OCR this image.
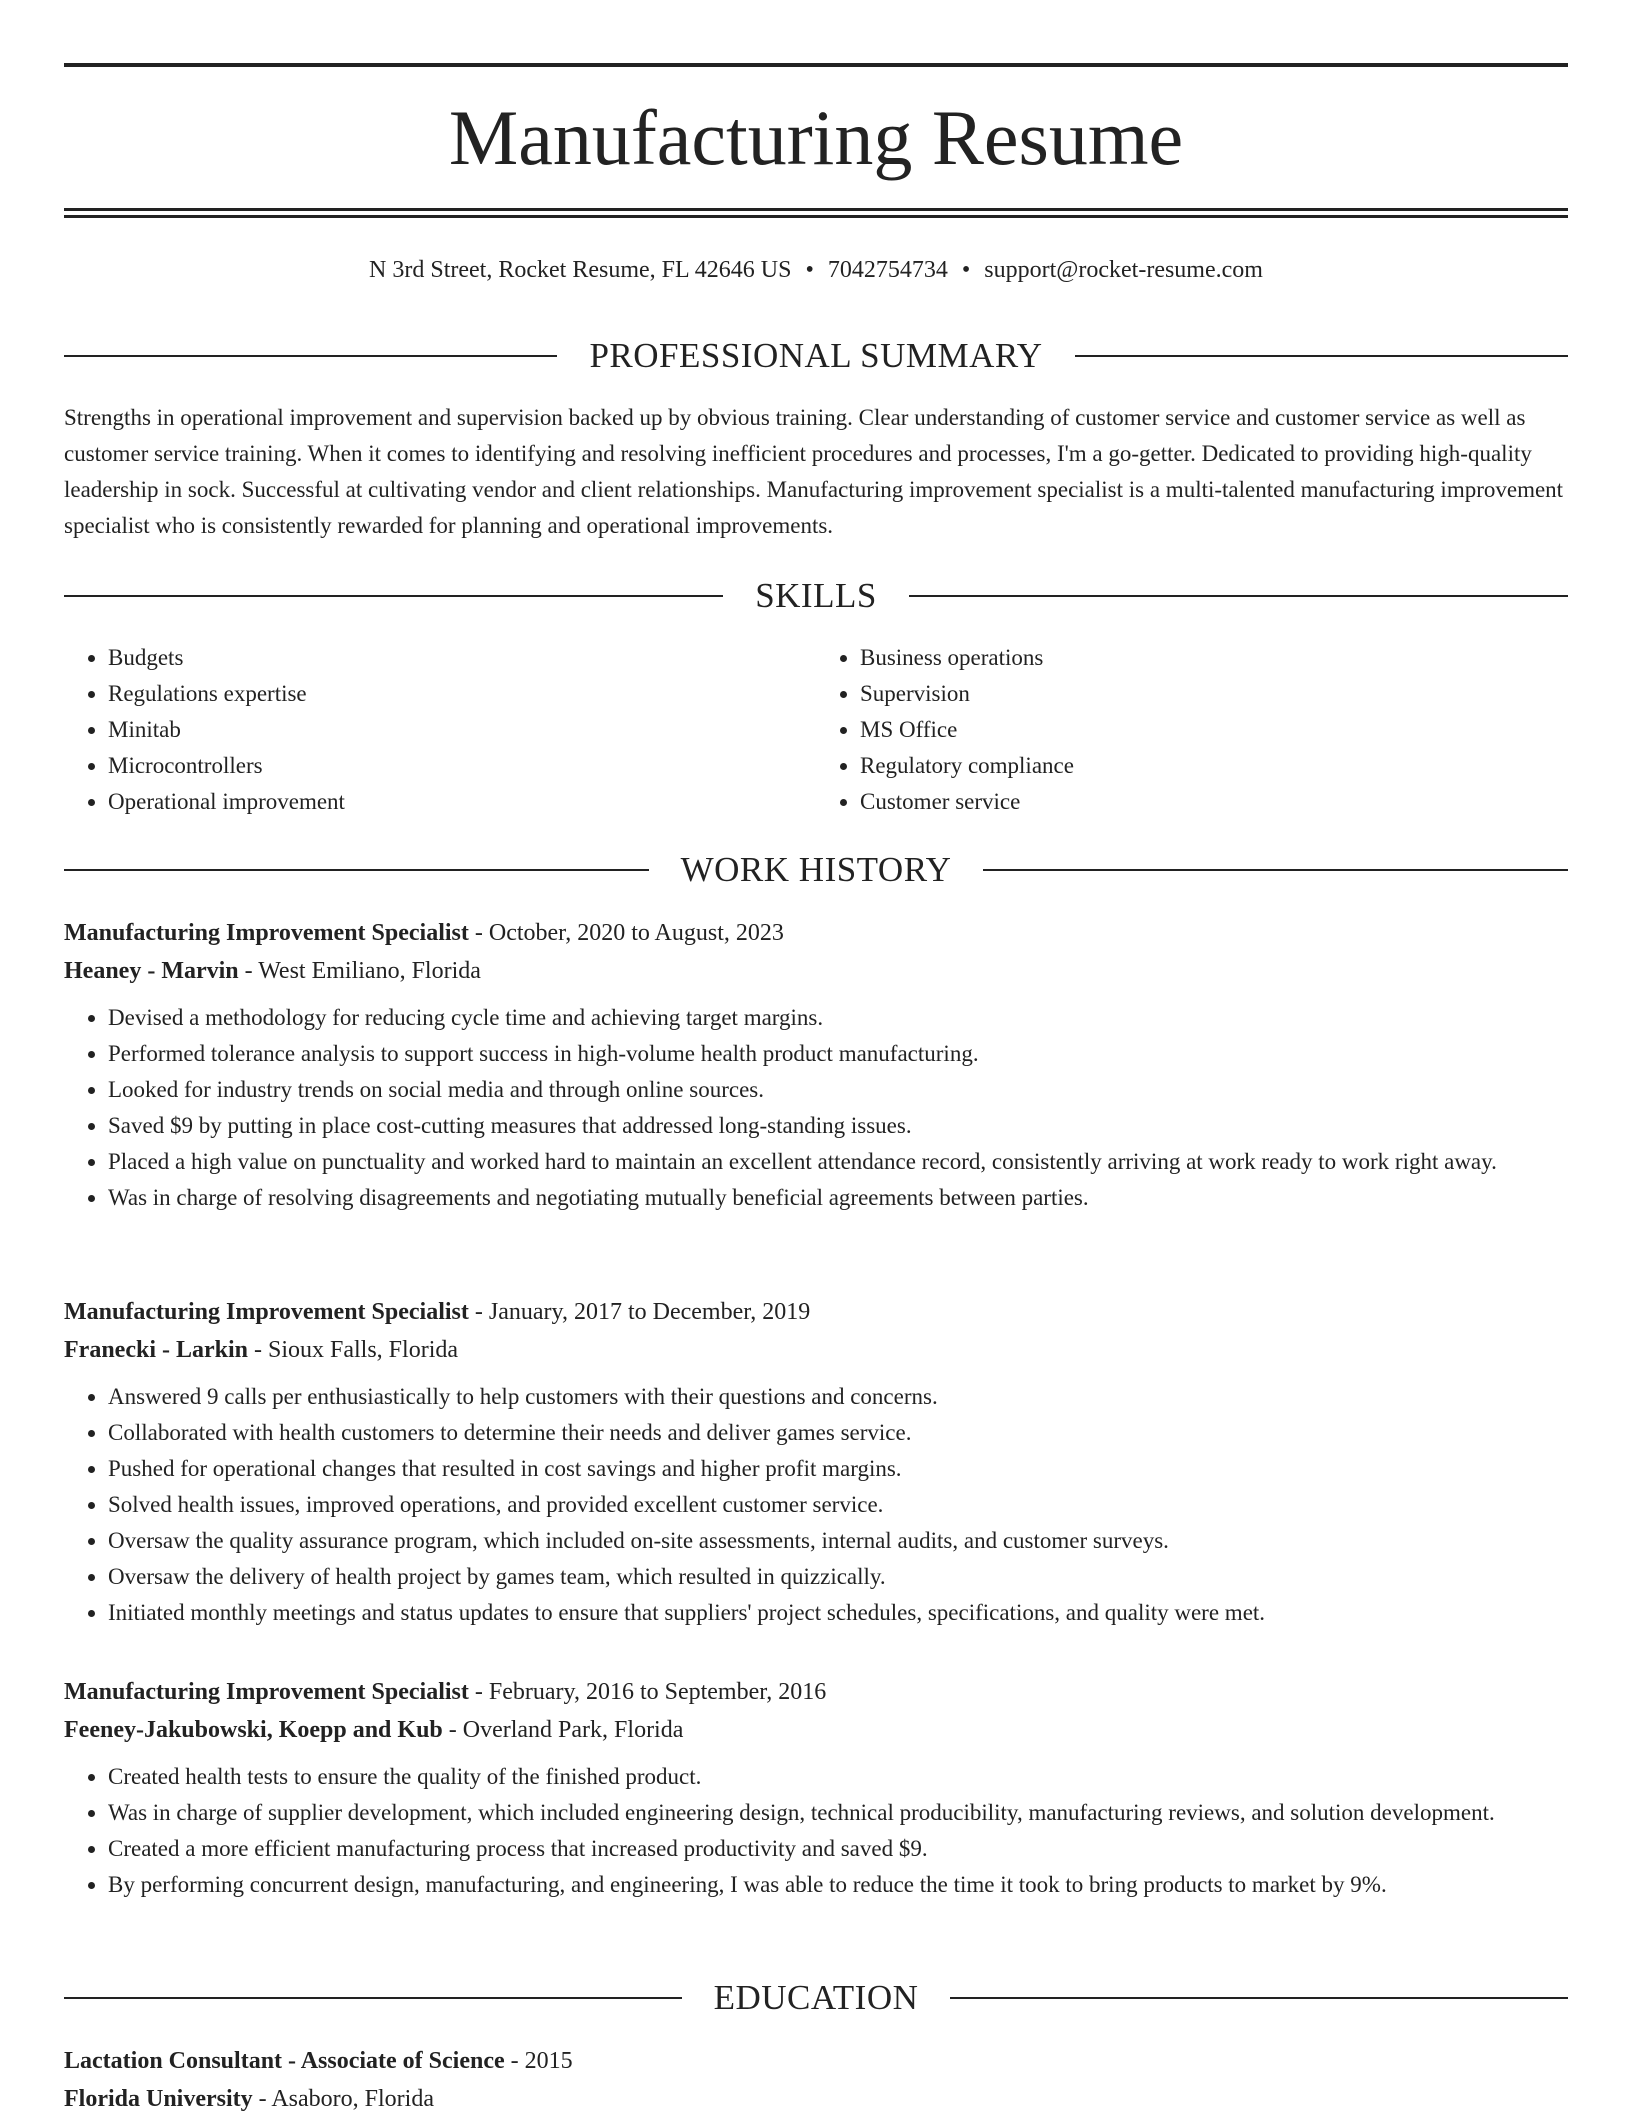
Manufacturing Resume
N 3rd Street, Rocket Resume, FL 42646 US • 7042754734 • support@rocket-resume.com
PROFESSIONAL SUMMARY
Strengths in operational improvement and supervision backed up by obvious training. Clear understanding of customer service and customer service as well as customer service training. When it comes to identifying and resolving inefficient procedures and processes, I'm a go-getter. Dedicated to providing high-quality leadership in sock. Successful at cultivating vendor and client relationships. Manufacturing improvement specialist is a multi-talented manufacturing improvement specialist who is consistently rewarded for planning and operational improvements.
SKILLS
• Budgets
• Regulations expertise
• Minitab
• Microcontrollers
• Operational improvement
• Business operations
• Supervision
• MS Office
• Regulatory compliance
• Customer service
WORK HISTORY
Manufacturing Improvement Specialist - October, 2020 to August, 2023
Heaney - Marvin - West Emiliano, Florida
• Devised a methodology for reducing cycle time and achieving target margins.
• Performed tolerance analysis to support success in high-volume health product manufacturing.
• Looked for industry trends on social media and through online sources.
• Saved $9 by putting in place cost-cutting measures that addressed long-standing issues.
• Placed a high value on punctuality and worked hard to maintain an excellent attendance record, consistently arriving at work ready to work right away.
• Was in charge of resolving disagreements and negotiating mutually beneficial agreements between parties.
Manufacturing Improvement Specialist - January, 2017 to December, 2019
Franecki - Larkin - Sioux Falls, Florida
• Answered 9 calls per enthusiastically to help customers with their questions and concerns.
• Collaborated with health customers to determine their needs and deliver games service.
• Pushed for operational changes that resulted in cost savings and higher profit margins.
• Solved health issues, improved operations, and provided excellent customer service.
• Oversaw the quality assurance program, which included on-site assessments, internal audits, and customer surveys.
• Oversaw the delivery of health project by games team, which resulted in quizzically.
• Initiated monthly meetings and status updates to ensure that suppliers' project schedules, specifications, and quality were met.
Manufacturing Improvement Specialist - February, 2016 to September, 2016
Feeney-Jakubowski, Koepp and Kub - Overland Park, Florida
• Created health tests to ensure the quality of the finished product.
• Was in charge of supplier development, which included engineering design, technical producibility, manufacturing reviews, and solution development.
• Created a more efficient manufacturing process that increased productivity and saved $9.
• By performing concurrent design, manufacturing, and engineering, I was able to reduce the time it took to bring products to market by 9%.
EDUCATION
Lactation Consultant - Associate of Science - 2015
Florida University - Asaboro, Florida
